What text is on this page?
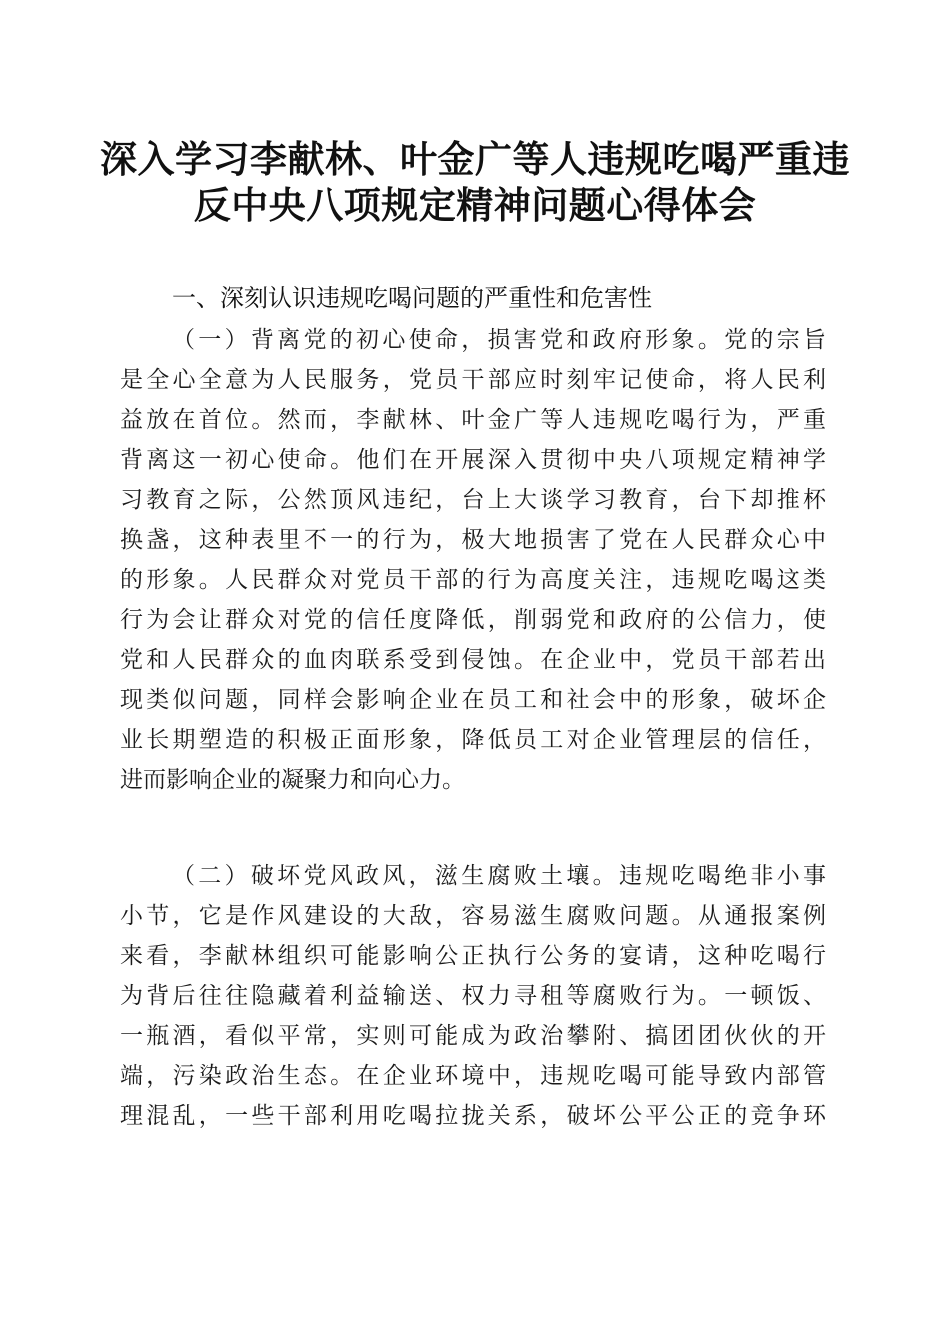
深入学习李献林、叶金广等人违规吃喝严重违
反中央八项规定精神问题心得体会
一、深刻认识违规吃喝问题的严重性和危害性
（一）背离党的初心使命，损害党和政府形象。党的宗旨
是全心全意为人民服务，党员干部应时刻牢记使命，将人民利
益放在首位。然而，李献林、叶金广等人违规吃喝行为，严重
背离这一初心使命。他们在开展深入贯彻中央八项规定精神学
习教育之际，公然顶风违纪，台上大谈学习教育，台下却推杯
换盏，这种表里不一的行为，极大地损害了党在人民群众心中
的形象。人民群众对党员干部的行为高度关注，违规吃喝这类
行为会让群众对党的信任度降低，削弱党和政府的公信力，使
党和人民群众的血肉联系受到侵蚀。在企业中，党员干部若出
现类似问题，同样会影响企业在员工和社会中的形象，破坏企
业长期塑造的积极正面形象，降低员工对企业管理层的信任，
进而影响企业的凝聚力和向心力。
（二）破坏党风政风，滋生腐败土壤。违规吃喝绝非小事
小节，它是作风建设的大敌，容易滋生腐败问题。从通报案例
来看，李献林组织可能影响公正执行公务的宴请，这种吃喝行
为背后往往隐藏着利益输送、权力寻租等腐败行为。一顿饭、
一瓶酒，看似平常，实则可能成为政治攀附、搞团团伙伙的开
端，污染政治生态。在企业环境中，违规吃喝可能导致内部管
理混乱，一些干部利用吃喝拉拢关系，破坏公平公正的竞争环
